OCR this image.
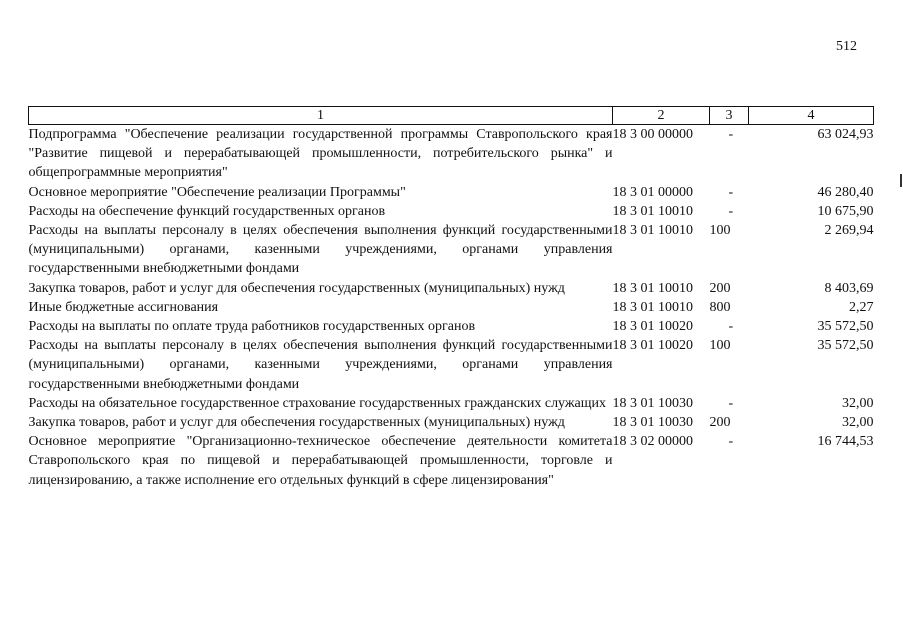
512
1	2	3	4
Подпрограмма "Обеспечение реализации государственной программы Ставропольского края "Развитие пищевой и перерабатывающей промышленности, потребительского рынка" и общепрограммные мероприятия"	18 3 00 00000	-	63 024,93
Основное мероприятие "Обеспечение реализации Программы"	18 3 01 00000	-	46 280,40
Расходы на обеспечение функций государственных органов	18 3 01 10010	-	10 675,90
Расходы на выплаты персоналу в целях обеспечения выполнения функций государственными (муниципальными) органами, казенными учреждениями, органами управления государственными внебюджетными фондами	18 3 01 10010	100	2 269,94
Закупка товаров, работ и услуг для обеспечения государственных (муниципальных) нужд	18 3 01 10010	200	8 403,69
Иные бюджетные ассигнования	18 3 01 10010	800	2,27
Расходы на выплаты по оплате труда работников государственных органов	18 3 01 10020	-	35 572,50
Расходы на выплаты персоналу в целях обеспечения выполнения функций государственными (муниципальными) органами, казенными учреждениями, органами управления государственными внебюджетными фондами	18 3 01 10020	100	35 572,50
Расходы на обязательное государственное страхование государственных гражданских служащих	18 3 01 10030	-	32,00
Закупка товаров, работ и услуг для обеспечения государственных (муниципальных) нужд	18 3 01 10030	200	32,00
Основное мероприятие "Организационно-техническое обеспечение деятельности комитета Ставропольского края по пищевой и перерабатывающей промышленности, торговле и лицензированию, а также исполнение его отдельных функций в сфере лицензирования"	18 3 02 00000	-	16 744,53
